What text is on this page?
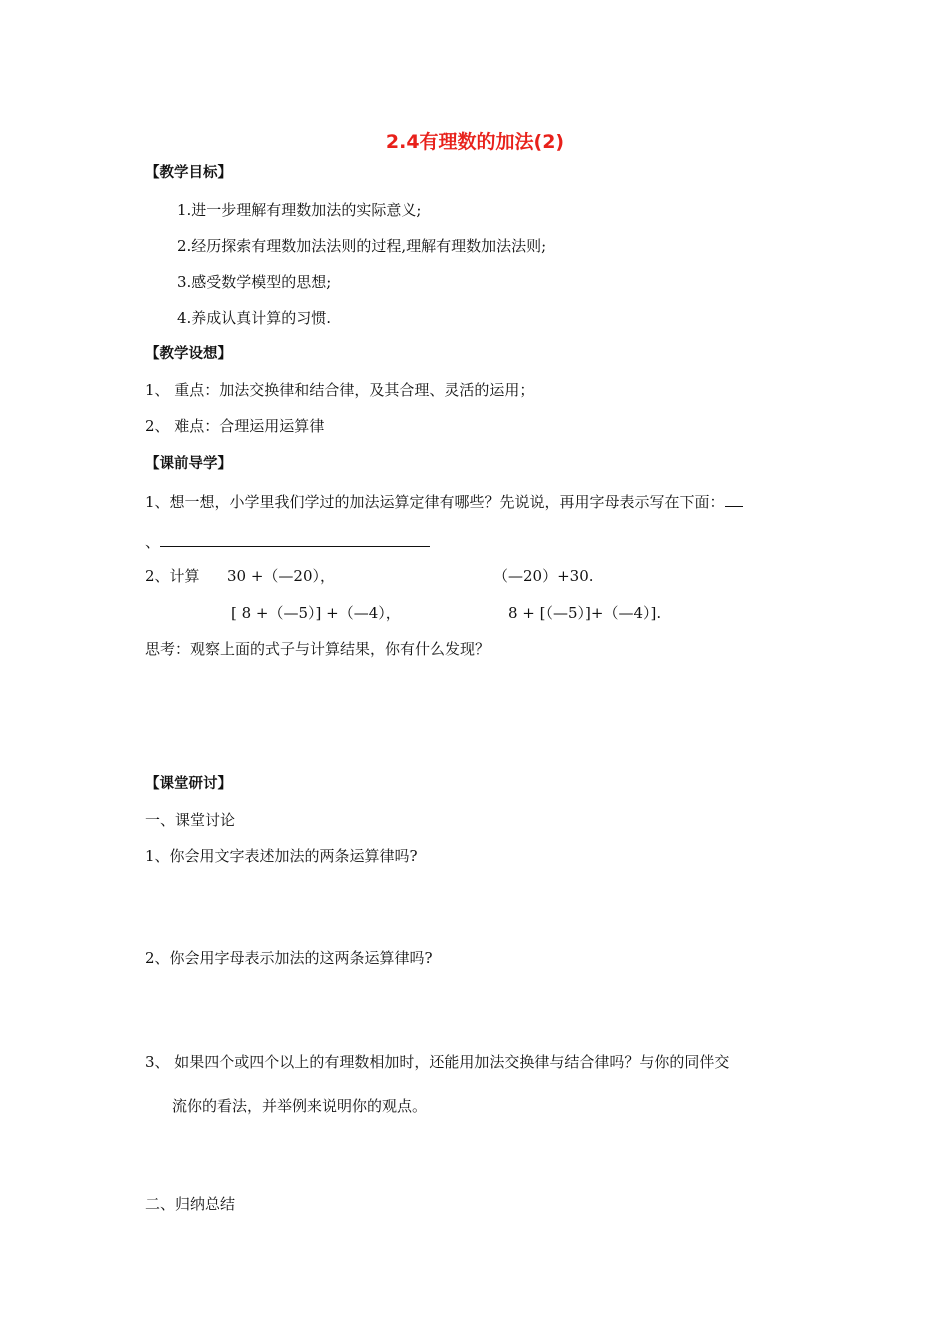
2.4有理数的加法(2)
【教学目标】
1.进一步理解有理数加法的实际意义;
2.经历探索有理数加法法则的过程,理解有理数加法法则;
3.感受数学模型的思想;
4.养成认真计算的习惯.
【教学设想】
1、 重点：加法交换律和结合律，及其合理、灵活的运用；
2、 难点：合理运用运算律
【课前导学】
1、想一想，小学里我们学过的加法运算定律有哪些？先说说，再用字母表示写在下面：
、
2、计算 30 +（—20），	（—20）+30.
[ 8 +（—5）] +（—4），	8 + [（—5）]+（—4）].
思考：观察上面的式子与计算结果，你有什么发现？
【课堂研讨】
一、课堂讨论
1、你会用文字表述加法的两条运算律吗?
2、你会用字母表示加法的这两条运算律吗?
3、 如果四个或四个以上的有理数相加时，还能用加法交换律与结合律吗？与你的同伴交
流你的看法，并举例来说明你的观点。
二、归纳总结
